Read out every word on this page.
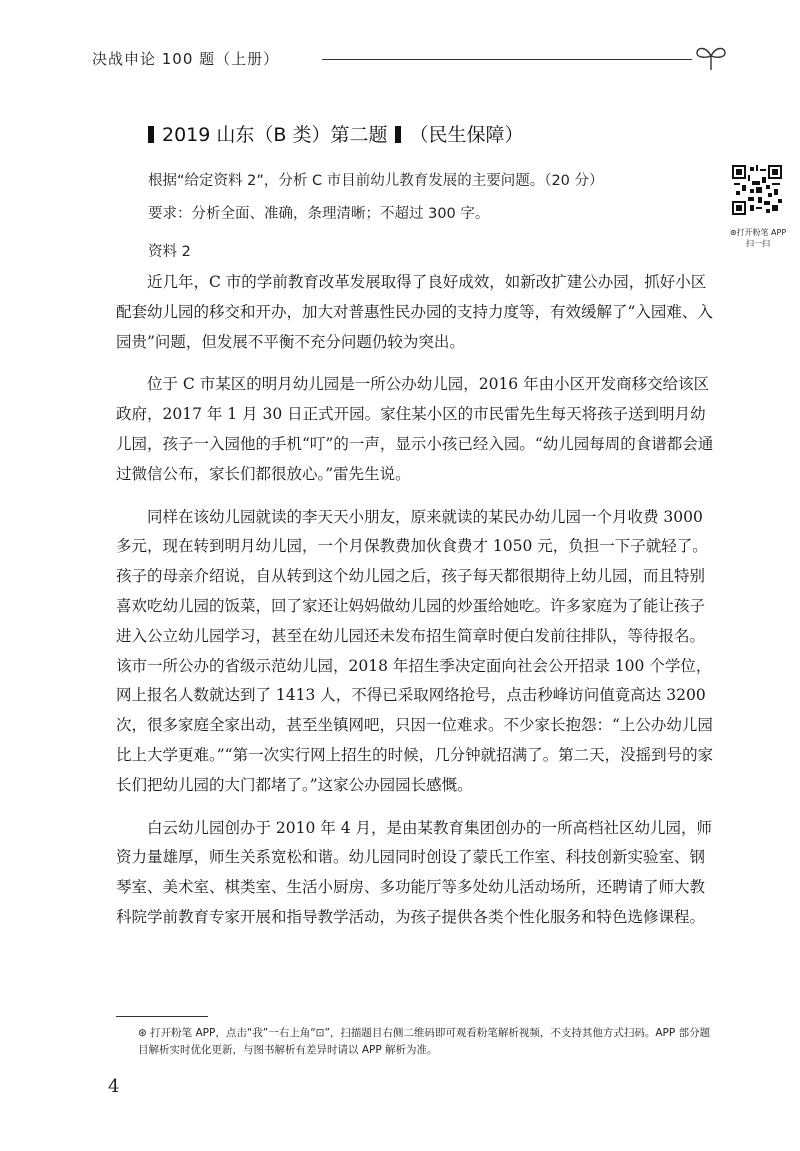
决战申论 100 题（上册）
2019 山东（B 类）第二题 （民生保障）
根据“给定资料 2”，分析 C 市目前幼儿教育发展的主要问题。（20 分）
要求：分析全面、准确，条理清晰；不超过 300 字。
资料 2
⊛打开粉笔 APP
扫一扫

近几年，C 市的学前教育改革发展取得了良好成效，如新改扩建公办园，抓好小区配套幼儿园的移交和开办，加大对普惠性民办园的支持力度等，有效缓解了“入园难、入园贵”问题，但发展不平衡不充分问题仍较为突出。

位于 C 市某区的明月幼儿园是一所公办幼儿园，2016 年由小区开发商移交给该区政府，2017 年 1 月 30 日正式开园。家住某小区的市民雷先生每天将孩子送到明月幼儿园，孩子一入园他的手机“叮”的一声，显示小孩已经入园。“幼儿园每周的食谱都会通过微信公布，家长们都很放心。”雷先生说。

同样在该幼儿园就读的李天天小朋友，原来就读的某民办幼儿园一个月收费 3000 多元，现在转到明月幼儿园，一个月保教费加伙食费才 1050 元，负担一下子就轻了。孩子的母亲介绍说，自从转到这个幼儿园之后，孩子每天都很期待上幼儿园，而且特别喜欢吃幼儿园的饭菜，回了家还让妈妈做幼儿园的炒蛋给她吃。许多家庭为了能让孩子进入公立幼儿园学习，甚至在幼儿园还未发布招生简章时便白发前往排队，等待报名。该市一所公办的省级示范幼儿园，2018 年招生季决定面向社会公开招录 100 个学位，网上报名人数就达到了 1413 人，不得已采取网络抢号，点击秒峰访问值竟高达 3200 次，很多家庭全家出动，甚至坐镇网吧，只因一位难求。不少家长抱怨：“上公办幼儿园比上大学更难。”“第一次实行网上招生的时候，几分钟就招满了。第二天，没摇到号的家长们把幼儿园的大门都堵了。”这家公办园园长感慨。

白云幼儿园创办于 2010 年 4 月，是由某教育集团创办的一所高档社区幼儿园，师资力量雄厚，师生关系宽松和谐。幼儿园同时创设了蒙氏工作室、科技创新实验室、钢琴室、美术室、棋类室、生活小厨房、多功能厅等多处幼儿活动场所，还聘请了师大教科院学前教育专家开展和指导教学活动，为孩子提供各类个性化服务和特色选修课程。

⊛ 打开粉笔 APP，点击“我”一右上角“⊡”，扫描题目右侧二维码即可观看粉笔解析视频，不支持其他方式扫码。APP 部分题目解析实时优化更新，与图书解析有差异时请以 APP 解析为准。
4
